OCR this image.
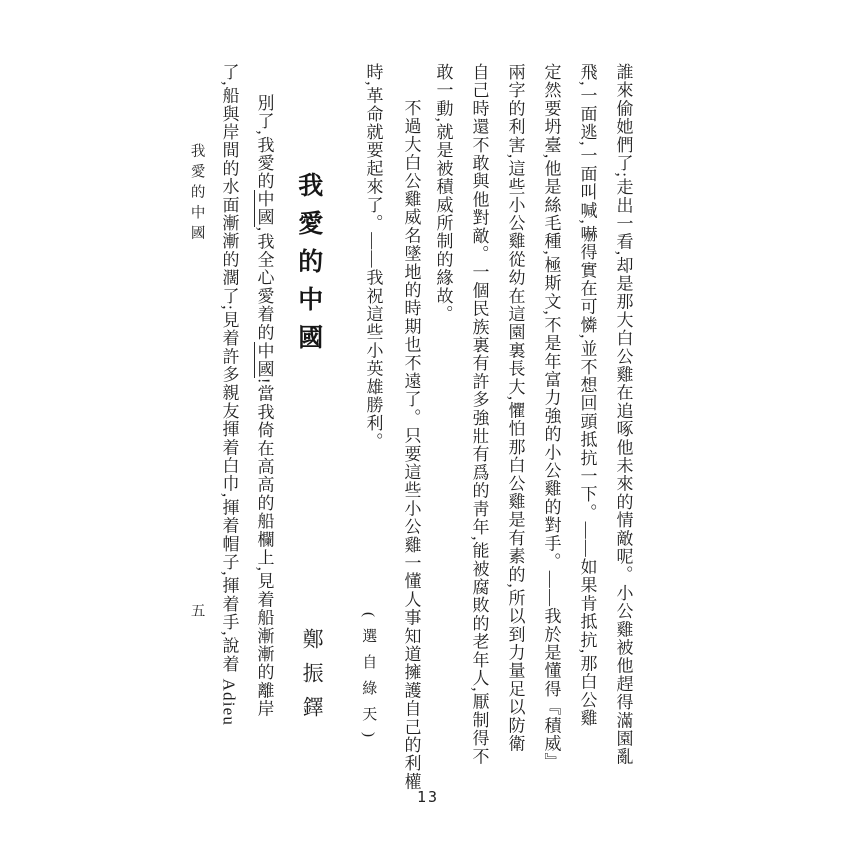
誰來偷她們了;走出一看,却是那大白公雞在追啄他未來的情敵呢。小公雞被他趕得滿園亂
飛,一面逃,一面叫喊,嚇得實在可憐,並不想回頭抵抗一下。——如果肯抵抗,那白公雞
定然要坍臺,他是絲毛種,極斯文,不是年富力強的小公雞的對手。——我於是懂得『積威』
兩字的利害,這些小公雞從幼在這園裏長大,懼怕那白公雞是有素的,所以到力量足以防衛
自己時還不敢與他對敵。一個民族裏有許多強壯有爲的靑年,能被腐敗的老年人,厭制得不
敢一動,就是被積威所制的緣故。
不過大白公雞威名墜地的時期也不遠了。只要這些小公雞一懂人事知道擁護自己的利權
時,革命就要起來了。——我祝這些小英雄勝利。
(選自綠天)
我愛的中國
鄭振鐸
別了,我愛的中國,我全心愛着的中國!當我倚在高高的船欄上,見着船漸漸的離岸
了,船與岸間的水面漸漸的濶了;見着許多親友揮着白巾,揮着帽子,揮着手,說着 Adieu
我愛的中國
五
13
